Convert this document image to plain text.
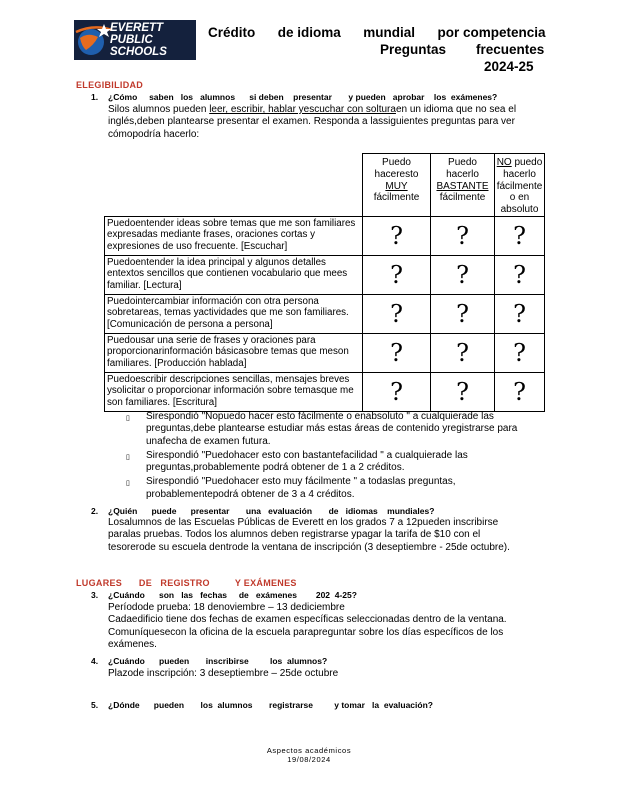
EVERETT
PUBLIC
SCHOOLS
Crédito      de idioma      mundial      por competencia
Preguntas        frecuentes
2024-25
ELEGIBILIDAD
1. ¿Cómo     saben   los   alumnos      si deben    presentar       y pueden   aprobar    los  exámenes?
Silos alumnos pueden leer, escribir, hablar yescuchar con solturaen un idioma que no sea el
inglés,deben plantearse presentar el examen. Responda a lassiguientes preguntas para ver
cómopodría hacerlo:
	Puedo haceresto
MUY
fácilmente	Puedo hacerlo
BASTANTE
fácilmente	NO puedo hacerlo fácilmente o en absoluto
Puedoentender ideas sobre temas que me son familiares expresadas mediante frases, oraciones cortas y expresiones de uso frecuente. [Escuchar]	?	?	?
Puedoentender la idea principal y algunos detalles entextos sencillos que contienen vocabulario que mees familiar. [Lectura]	?	?	?
Puedointercambiar información con otra persona sobretareas, temas yactividades que me son familiares.[Comunicación de persona a persona]	?	?	?
Puedousar una serie de frases y oraciones para proporcionarinformación básicasobre temas que meson familiares. [Producción hablada]	?	?	?
Puedoescribir descripciones sencillas, mensajes breves ysolicitar o proporcionar información sobre temasque me son familiares. [Escritura]	?	?	?
▯ Sirespondió "Nopuedo hacer esto fácilmente o enabsoluto " a cualquierade las preguntas,debe plantearse estudiar más estas áreas de contenido yregistrarse para unafecha de examen futura.
▯ Sirespondió "Puedohacer esto con bastantefacilidad " a cualquierade las preguntas,probablemente podrá obtener de 1 a 2 créditos.
▯ Sirespondió "Puedohacer esto muy fácilmente " a todaslas preguntas, probablementepodrá obtener de 3 a 4 créditos.
2. ¿Quién      puede      presentar       una   evaluación       de   idiomas    mundiales?
Losalumnos de las Escuelas Públicas de Everett en los grados 7 a 12pueden inscribirse paralas pruebas. Todos los alumnos deben registrarse ypagar la tarifa de $10 con el tesorerode su escuela dentrode la ventana de inscripción (3 deseptiembre - 25de octubre).
LUGARES      DE   REGISTRO         Y EXÁMENES
3. ¿Cuándo      son   las   fechas     de   exámenes        202  4-25?
Períodode prueba: 18 denoviembre – 13 dediciembre
Cadaedificio tiene dos fechas de examen específicas seleccionadas dentro de la ventana. Comuníquesecon la oficina de la escuela parapreguntar sobre los días específicos de los exámenes.
4. ¿Cuándo      pueden       inscribirse         los  alumnos?
Plazode inscripción: 3 deseptiembre – 25de octubre
5. ¿Dónde      pueden       los  alumnos       registrarse         y tomar   la  evaluación?
Aspectos académicos
19/08/2024
